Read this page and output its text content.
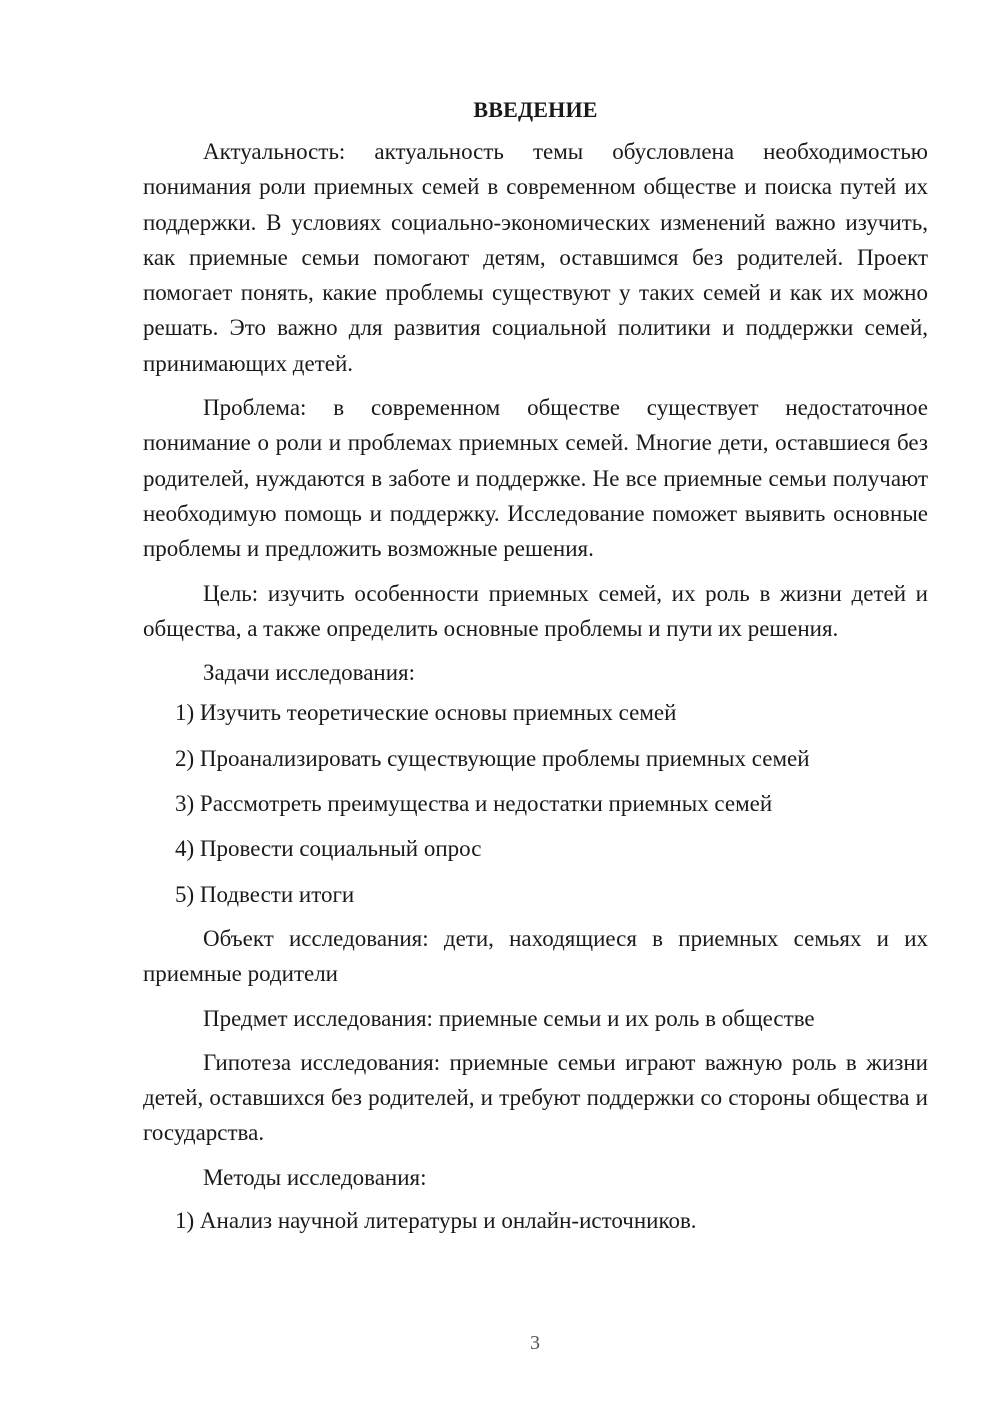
ВВЕДЕНИЕ

Актуальность: актуальность темы обусловлена необходимостью понимания роли приемных семей в современном обществе и поиска путей их поддержки. В условиях социально-экономических изменений важно изучить, как приемные семьи помогают детям, оставшимся без родителей. Проект помогает понять, какие проблемы существуют у таких семей и как их можно решать. Это важно для развития социальной политики и поддержки семей, принимающих детей.

Проблема: в современном обществе существует недостаточное понимание о роли и проблемах приемных семей. Многие дети, оставшиеся без родителей, нуждаются в заботе и поддержке. Не все приемные семьи получают необходимую помощь и поддержку. Исследование поможет выявить основные проблемы и предложить возможные решения.

Цель: изучить особенности приемных семей, их роль в жизни детей и общества, а также определить основные проблемы и пути их решения.

Задачи исследования:

1) Изучить теоретические основы приемных семей
2) Проанализировать существующие проблемы приемных семей
3) Рассмотреть преимущества и недостатки приемных семей
4) Провести социальный опрос
5) Подвести итоги

Объект исследования: дети, находящиеся в приемных семьях и их приемные родители

Предмет исследования: приемные семьи и их роль в обществе

Гипотеза исследования: приемные семьи играют важную роль в жизни детей, оставшихся без родителей, и требуют поддержки со стороны общества и государства.

Методы исследования:

1) Анализ научной литературы и онлайн-источников.
3
